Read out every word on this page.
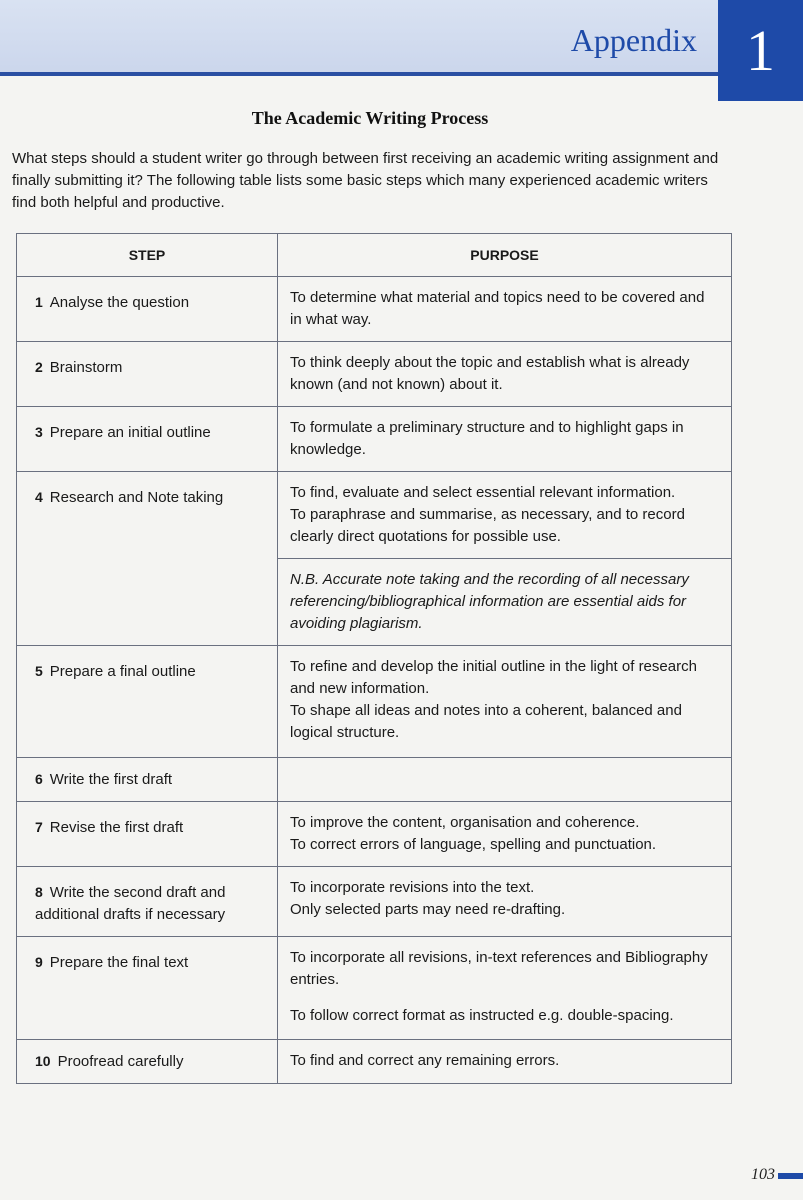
Appendix 1
The Academic Writing Process
What steps should a student writer go through between first receiving an academic writing assignment and finally submitting it? The following table lists some basic steps which many experienced academic writers find both helpful and productive.
STEP	PURPOSE
1 Analyse the question	To determine what material and topics need to be covered and in what way.

2 Brainstorm	To think deeply about the topic and establish what is already known (and not known) about it.

3 Prepare an initial outline	To formulate a preliminary structure and to highlight gaps in knowledge.

4 Research and Note taking	To find, evaluate and select essential relevant information.

To paraphrase and summarise, as necessary, and to record clearly direct quotations for possible use.

	N.B. Accurate note taking and the recording of all necessary referencing/bibliographical information are essential aids for avoiding plagiarism.
5 Prepare a final outline	To refine and develop the initial outline in the light of research and new information.

To shape all ideas and notes into a coherent, balanced and logical structure.

6 Write the first draft	
7 Revise the first draft	To improve the content, organisation and coherence.

To correct errors of language, spelling and punctuation.

8 Write the second draft and additional drafts if necessary	To incorporate revisions into the text.

Only selected parts may need re-drafting.

9 Prepare the final text	To incorporate all revisions, in-text references and Bibliography entries.

To follow correct format as instructed e.g. double-spacing.

10 Proofread carefully	To find and correct any remaining errors.

103
